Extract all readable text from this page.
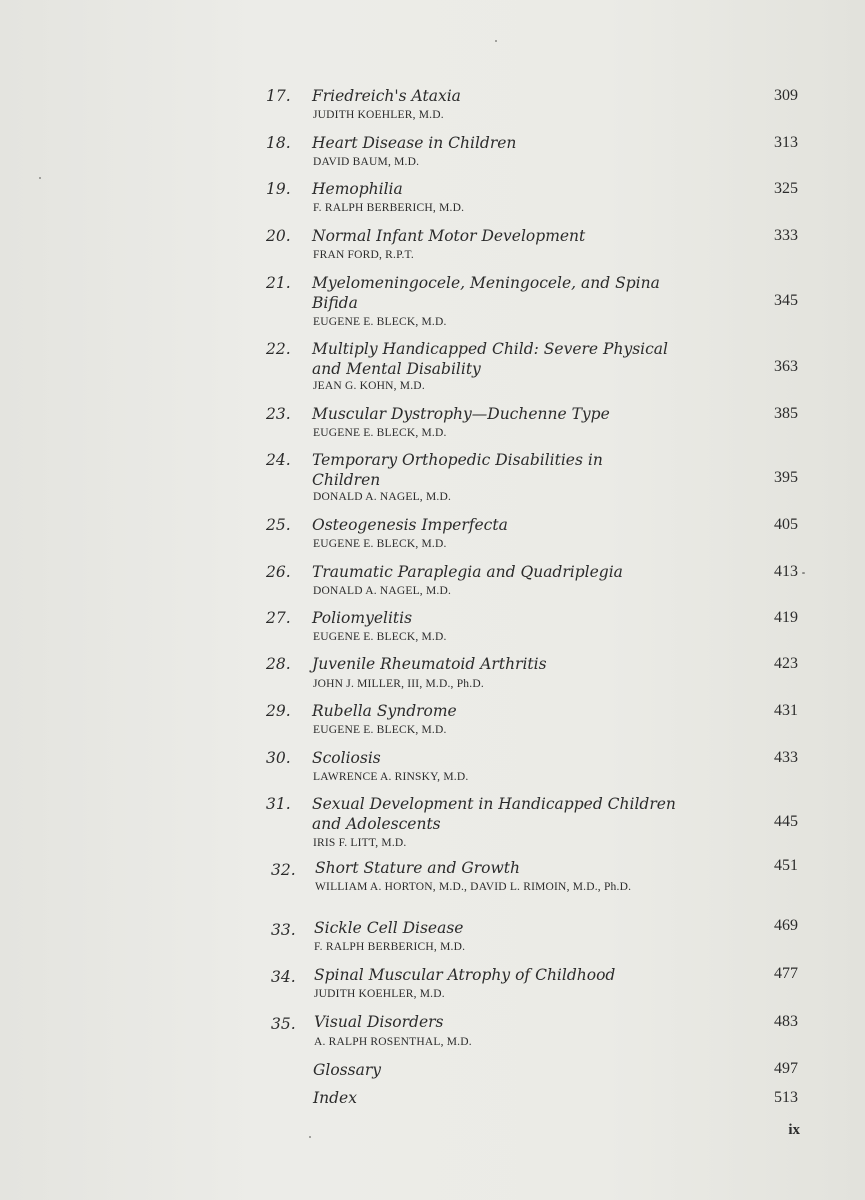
17.	Friedreich's Ataxia
JUDITH KOEHLER, M.D.
309
18.	Heart Disease in Children
DAVID BAUM, M.D.
313
19.	Hemophilia
F. RALPH BERBERICH, M.D.
325
20.	Normal Infant Motor Development
FRAN FORD, R.P.T.
333
21.	Myelomeningocele, Meningocele, and Spina Bifida
EUGENE E. BLECK, M.D.
345
22.	Multiply Handicapped Child: Severe Physical and Mental Disability
JEAN G. KOHN, M.D.
363
23.	Muscular Dystrophy—Duchenne Type
EUGENE E. BLECK, M.D.
385
24.	Temporary Orthopedic Disabilities in Children
DONALD A. NAGEL, M.D.
395
25.	Osteogenesis Imperfecta
EUGENE E. BLECK, M.D.
405
26.	Traumatic Paraplegia and Quadriplegia
DONALD A. NAGEL, M.D.
413
27.	Poliomyelitis
EUGENE E. BLECK, M.D.
419
28.	Juvenile Rheumatoid Arthritis
JOHN J. MILLER, III, M.D., Ph.D.
423
29.	Rubella Syndrome
EUGENE E. BLECK, M.D.
431
30.	Scoliosis
LAWRENCE A. RINSKY, M.D.
433
31.	Sexual Development in Handicapped Children and Adolescents
IRIS F. LITT, M.D.
445
32.	Short Stature and Growth
WILLIAM A. HORTON, M.D., DAVID L. RIMOIN, M.D., Ph.D.
451
33.	Sickle Cell Disease
F. RALPH BERBERICH, M.D.
469
34.	Spinal Muscular Atrophy of Childhood
JUDITH KOEHLER, M.D.
477
35.	Visual Disorders
A. RALPH ROSENTHAL, M.D.
483
Glossary	497
Index	513
ix
